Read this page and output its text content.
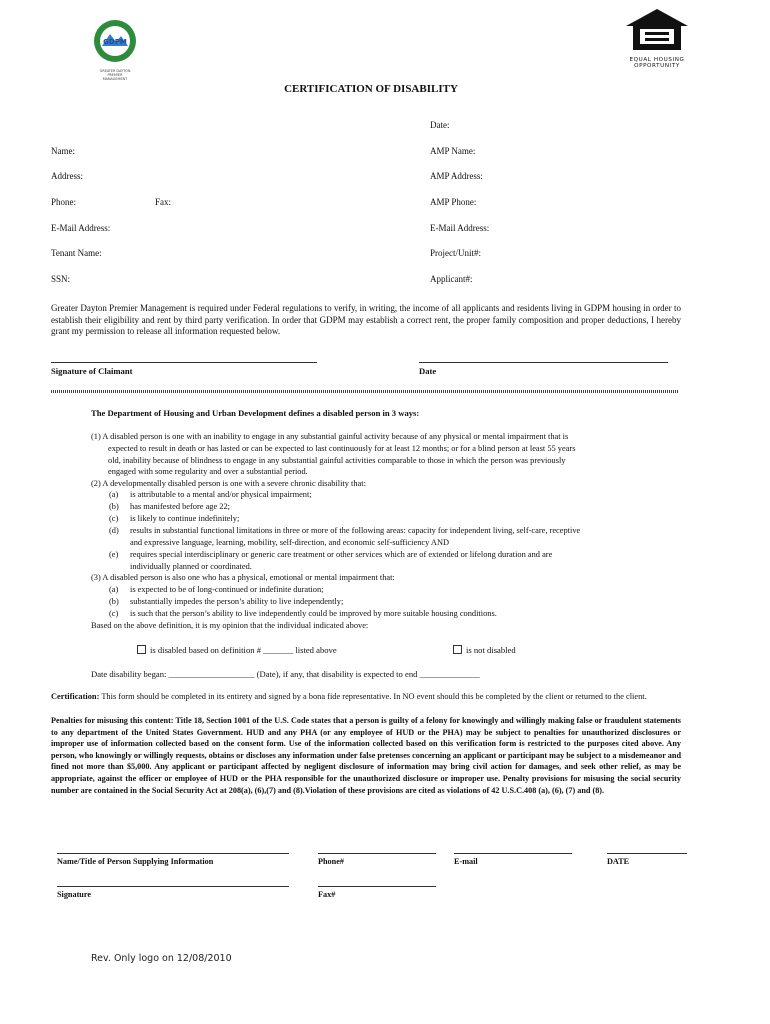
GDPM
GREATER DAYTON
PREMIER
MANAGEMENT
EQUAL HOUSING
OPPORTUNITY
CERTIFICATION OF DISABILITY
Date:
AMP Name:
AMP Address:
AMP Phone:
E-Mail Address:
Project/Unit#:
Applicant#:
Name:
Address:
Phone:	Fax:
E-Mail Address:
Tenant Name:
SSN:
Greater Dayton Premier Management is required under Federal regulations to verify, in writing, the income of all applicants and residents living in GDPM housing in order to establish their eligibility and rent by third party verification. In order that GDPM may establish a correct rent, the proper family composition and proper deductions, I hereby grant my permission to release all information requested below.
Signature of Claimant	Date
The Department of Housing and Urban Development defines a disabled person in 3 ways:
(1) A disabled person is one with an inability to engage in any substantial gainful activity because of any physical or mental impairment that is
expected to result in death or has lasted or can be expected to last continuously for at least 12 months; or for a blind person at least 55 years
old, inability because of blindness to engage in any substantial gainful activities comparable to those in which the person was previously
engaged with some regularity and over a substantial period.
(2) A developmentally disabled person is one with a severe chronic disability that:
(a) is attributable to a mental and/or physical impairment;
(b) has manifested before age 22;
(c) is likely to continue indefinitely;
(d) results in substantial functional limitations in three or more of the following areas: capacity for independent living, self-care, receptive
and expressive language, learning, mobility, self-direction, and economic self-sufficiency AND
(e) requires special interdisciplinary or generic care treatment or other services which are of extended or lifelong duration and are
individually planned or coordinated.
(3) A disabled person is also one who has a physical, emotional or mental impairment that:
(a) is expected to be of long-continued or indefinite duration;
(b) substantially impedes the person’s ability to live independently;
(c) is such that the person’s ability to live independently could be improved by more suitable housing conditions.
Based on the above definition, it is my opinion that the individual indicated above:
is disabled based on definition # _______ listed above	is not disabled
Date disability began: ____________________ (Date), if any, that disability is expected to end ______________
Certification: This form should be completed in its entirety and signed by a bona fide representative. In NO event should this be completed by the client or returned to the client.
Penalties for misusing this content: Title 18, Section 1001 of the U.S. Code states that a person is guilty of a felony for knowingly and willingly making false or fraudulent statements to any department of the United States Government. HUD and any PHA (or any employee of HUD or the PHA) may be subject to penalties for unauthorized disclosures or improper use of information collected based on the consent form. Use of the information collected based on this verification form is restricted to the purposes cited above. Any person, who knowingly or willingly requests, obtains or discloses any information under false pretenses concerning an applicant or participant may be subject to a misdemeanor and fined not more than $5,000. Any applicant or participant affected by negligent disclosure of information may bring civil action for damages, and seek other relief, as may be appropriate, against the officer or employee of HUD or the PHA responsible for the unauthorized disclosure or improper use. Penalty provisions for misusing the social security number are contained in the Social Security Act at 208(a), (6),(7) and (8).Violation of these provisions are cited as violations of 42 U.S.C.408 (a), (6), (7) and (8).
Name/Title of Person Supplying Information	Phone#	E-mail	DATE
Signature	Fax#
Rev. Only logo on 12/08/2010
